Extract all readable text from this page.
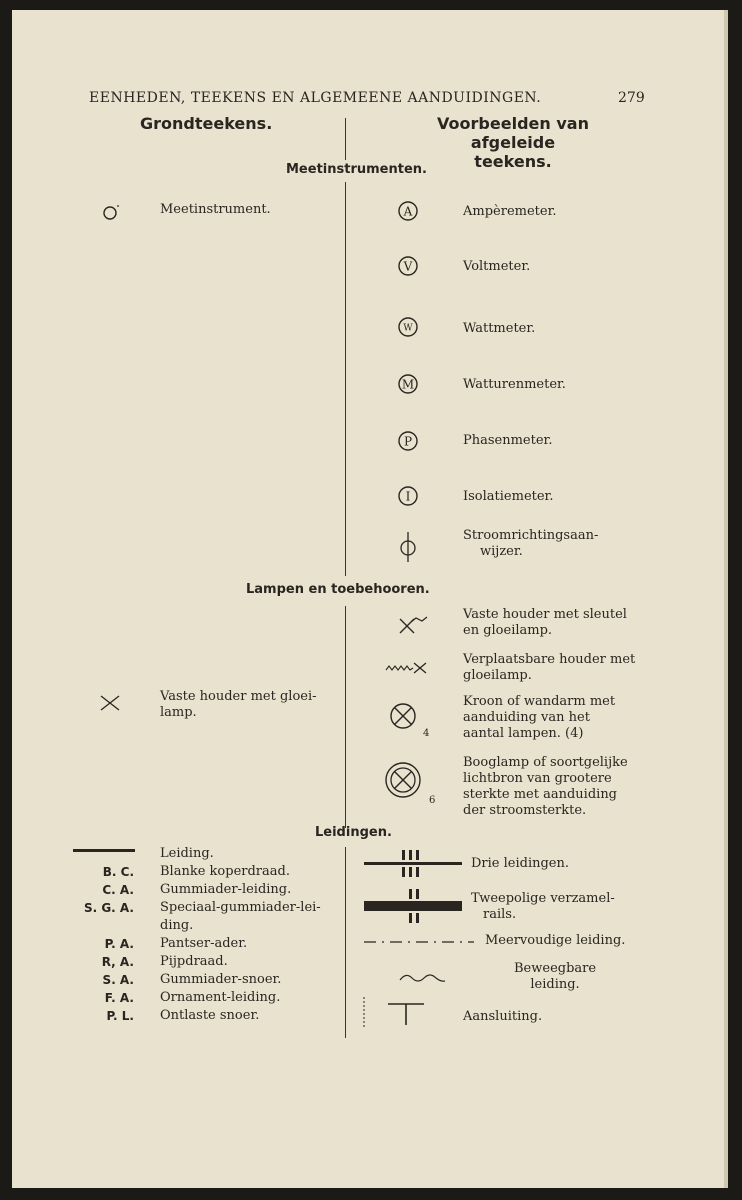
EENHEDEN, TEEKENS EN ALGEMEENE AANDUIDINGEN.	279
Grondteekens.	Voorbeelden van afgeleide
teekens.
Meetinstrumenten.
Meetinstrument.	A	Ampèremeter.
V	Voltmeter.
W	Wattmeter.
M	Watturenmeter.
P	Phasenmeter.
I	Isolatiemeter.
Stroomrichtingsaan-
wijzer.
Lampen en toebehooren.
Vaste houder met gloei-
lamp.
Vaste houder met sleutel
en gloeilamp.
Verplaatsbare houder met
gloeilamp.
4
Kroon of wandarm met
aanduiding van het
aantal lampen. (4)
6
Booglamp of soortgelijke
lichtbron van grootere
sterkte met aanduiding
der stroomsterkte.
Leidingen.
Leiding.
B. C. Blanke koperdraad.
C. A. Gummiader-leiding.
S. G. A. Speciaal-gummiader-lei-
ding.
P. A. Pantser-ader.
R, A. Pijpdraad.
S. A. Gummiader-snoer.
F. A. Ornament-leiding.
P. L. Ontlaste snoer.
Drie leidingen.
Tweepolige verzamel-
rails.
Meervoudige leiding.
Beweegbare
leiding.
Aansluiting.
